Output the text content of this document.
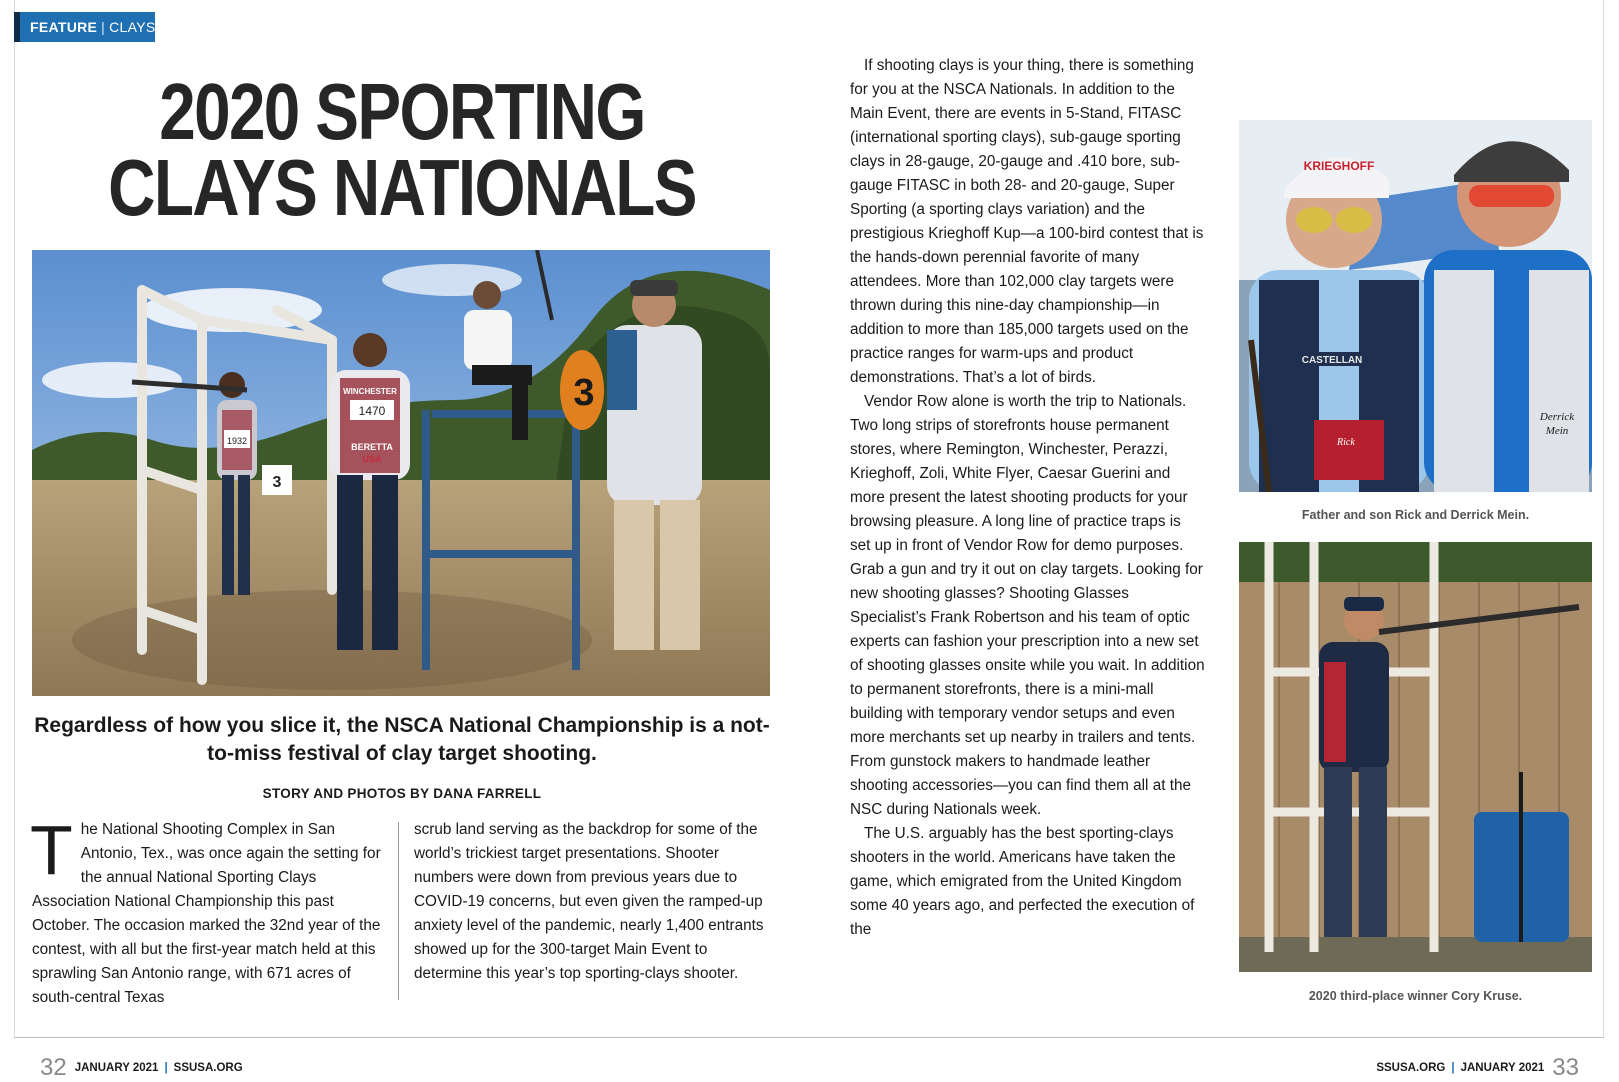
FEATURE | CLAYS
2020 SPORTING
CLAYS NATIONALS
1932
3
1470
WINCHESTER
BERETTA
USA
3
Regardless of how you slice it, the NSCA National Championship is a not-to-miss festival of clay target shooting.
STORY AND PHOTOS BY DANA FARRELL
T he National Shooting Complex in San Antonio, Tex., was once again the setting for the annual National Sporting Clays Association National Championship this past October. The occasion marked the 32nd year of the contest, with all but the first-year match held at this sprawling San Antonio range, with 671 acres of south-central Texas

scrub land serving as the backdrop for some of the world’s trickiest target presentations. Shooter numbers were down from previous years due to COVID-19 concerns, but even given the ramped-up anxiety level of the pandemic, nearly 1,400 entrants showed up for the 300-target Main Event to determine this year’s top sporting-clays shooter.

If shooting clays is your thing, there is something for you at the NSCA Nationals. In addition to the Main Event, there are events in 5-Stand, FITASC (international sporting clays), sub-gauge sporting clays in 28-gauge, 20-gauge and .410 bore, sub-gauge FITASC in both 28- and 20-gauge, Super Sporting (a sporting clays variation) and the prestigious Krieghoff Kup—a 100-bird contest that is the hands-down perennial favorite of many attendees. More than 102,000 clay targets were thrown during this nine-day championship—in addition to more than 185,000 targets used on the practice ranges for warm-ups and product demonstrations. That’s a lot of birds.

Vendor Row alone is worth the trip to Nationals. Two long strips of storefronts house permanent stores, where Remington, Winchester, Perazzi, Krieghoff, Zoli, White Flyer, Caesar Guerini and more present the latest shooting products for your browsing pleasure. A long line of practice traps is set up in front of Vendor Row for demo purposes. Grab a gun and try it out on clay targets. Looking for new shooting glasses? Shooting Glasses Specialist’s Frank Robertson and his team of optic experts can fashion your prescription into a new set of shooting glasses onsite while you wait. In addition to permanent storefronts, there is a mini-mall building with temporary vendor setups and even more merchants set up nearby in trailers and tents. From gunstock makers to handmade leather shooting accessories—you can find them all at the NSC during Nationals week.

The U.S. arguably has the best sporting-clays shooters in the world. Americans have taken the game, which emigrated from the United Kingdom some 40 years ago, and perfected the execution of the

Rick
CASTELLAN
KRIEGHOFF
Derrick
Mein
Father and son Rick and Derrick Mein.
2020 third-place winner Cory Kruse.
32 JANUARY 2021 | SSUSA.ORG	SSUSA.ORG | JANUARY 2021 33
